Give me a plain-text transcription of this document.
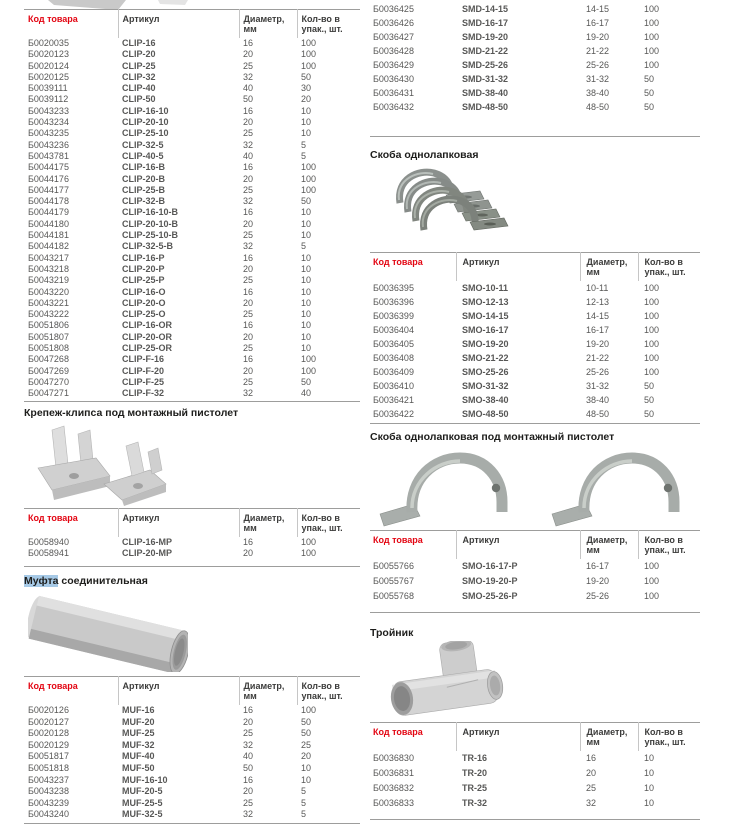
Код товара	Артикул	Диаметр,
мм

Кол-во в
упак., шт.

Б0020035	CLIP-16	16	100
Б0020123	CLIP-20	20	100
Б0020124	CLIP-25	25	100
Б0020125	CLIP-32	32	50
Б0039111	CLIP-40	40	30
Б0039112	CLIP-50	50	20
Б0043233	CLIP-16-10	16	10
Б0043234	CLIP-20-10	20	10
Б0043235	CLIP-25-10	25	10
Б0043236	CLIP-32-5	32	5
Б0043781	CLIP-40-5	40	5
Б0044175	CLIP-16-B	16	100
Б0044176	CLIP-20-B	20	100
Б0044177	CLIP-25-B	25	100
Б0044178	CLIP-32-B	32	50
Б0044179	CLIP-16-10-B	16	10
Б0044180	CLIP-20-10-B	20	10
Б0044181	CLIP-25-10-B	25	10
Б0044182	CLIP-32-5-B	32	5
Б0043217	CLIP-16-P	16	10
Б0043218	CLIP-20-P	20	10
Б0043219	CLIP-25-P	25	10
Б0043220	CLIP-16-O	16	10
Б0043221	CLIP-20-O	20	10
Б0043222	CLIP-25-O	25	10
Б0051806	CLIP-16-OR	16	10
Б0051807	CLIP-20-OR	20	10
Б0051808	CLIP-25-OR	25	10
Б0047268	CLIP-F-16	16	100
Б0047269	CLIP-F-20	20	100
Б0047270	CLIP-F-25	25	50
Б0047271	CLIP-F-32	32	40
Крепеж-клипса под монтажный пистолет
Код товара	Артикул	Диаметр,
мм

Кол-во в
упак., шт.

Б0058940	CLIP-16-MP	16	100
Б0058941	CLIP-20-MP	20	100
Муфта соединительная
Код товара	Артикул	Диаметр,
мм

Кол-во в
упак., шт.

Б0020126	MUF-16	16	100
Б0020127	MUF-20	20	50
Б0020128	MUF-25	25	50
Б0020129	MUF-32	32	25
Б0051817	MUF-40	40	20
Б0051818	MUF-50	50	10
Б0043237	MUF-16-10	16	10
Б0043238	MUF-20-5	20	5
Б0043239	MUF-25-5	25	5
Б0043240	MUF-32-5	32	5
Б0036425	SMD-14-15	14-15	100
Б0036426	SMD-16-17	16-17	100
Б0036427	SMD-19-20	19-20	100
Б0036428	SMD-21-22	21-22	100
Б0036429	SMD-25-26	25-26	100
Б0036430	SMD-31-32	31-32	50
Б0036431	SMD-38-40	38-40	50
Б0036432	SMD-48-50	48-50	50
Скоба однолапковая
Код товара	Артикул	Диаметр,
мм

Кол-во в
упак., шт.

Б0036395	SMO-10-11	10-11	100
Б0036396	SMO-12-13	12-13	100
Б0036399	SMO-14-15	14-15	100
Б0036404	SMO-16-17	16-17	100
Б0036405	SMO-19-20	19-20	100
Б0036408	SMO-21-22	21-22	100
Б0036409	SMO-25-26	25-26	100
Б0036410	SMO-31-32	31-32	50
Б0036421	SMO-38-40	38-40	50
Б0036422	SMO-48-50	48-50	50
Скоба однолапковая под монтажный пистолет
Код товара	Артикул	Диаметр,
мм

Кол-во в
упак., шт.

Б0055766	SMO-16-17-P	16-17	100
Б0055767	SMO-19-20-P	19-20	100
Б0055768	SMO-25-26-P	25-26	100
Тройник
Код товара	Артикул	Диаметр,
мм

Кол-во в
упак., шт.

Б0036830	TR-16	16	10
Б0036831	TR-20	20	10
Б0036832	TR-25	25	10
Б0036833	TR-32	32	10
